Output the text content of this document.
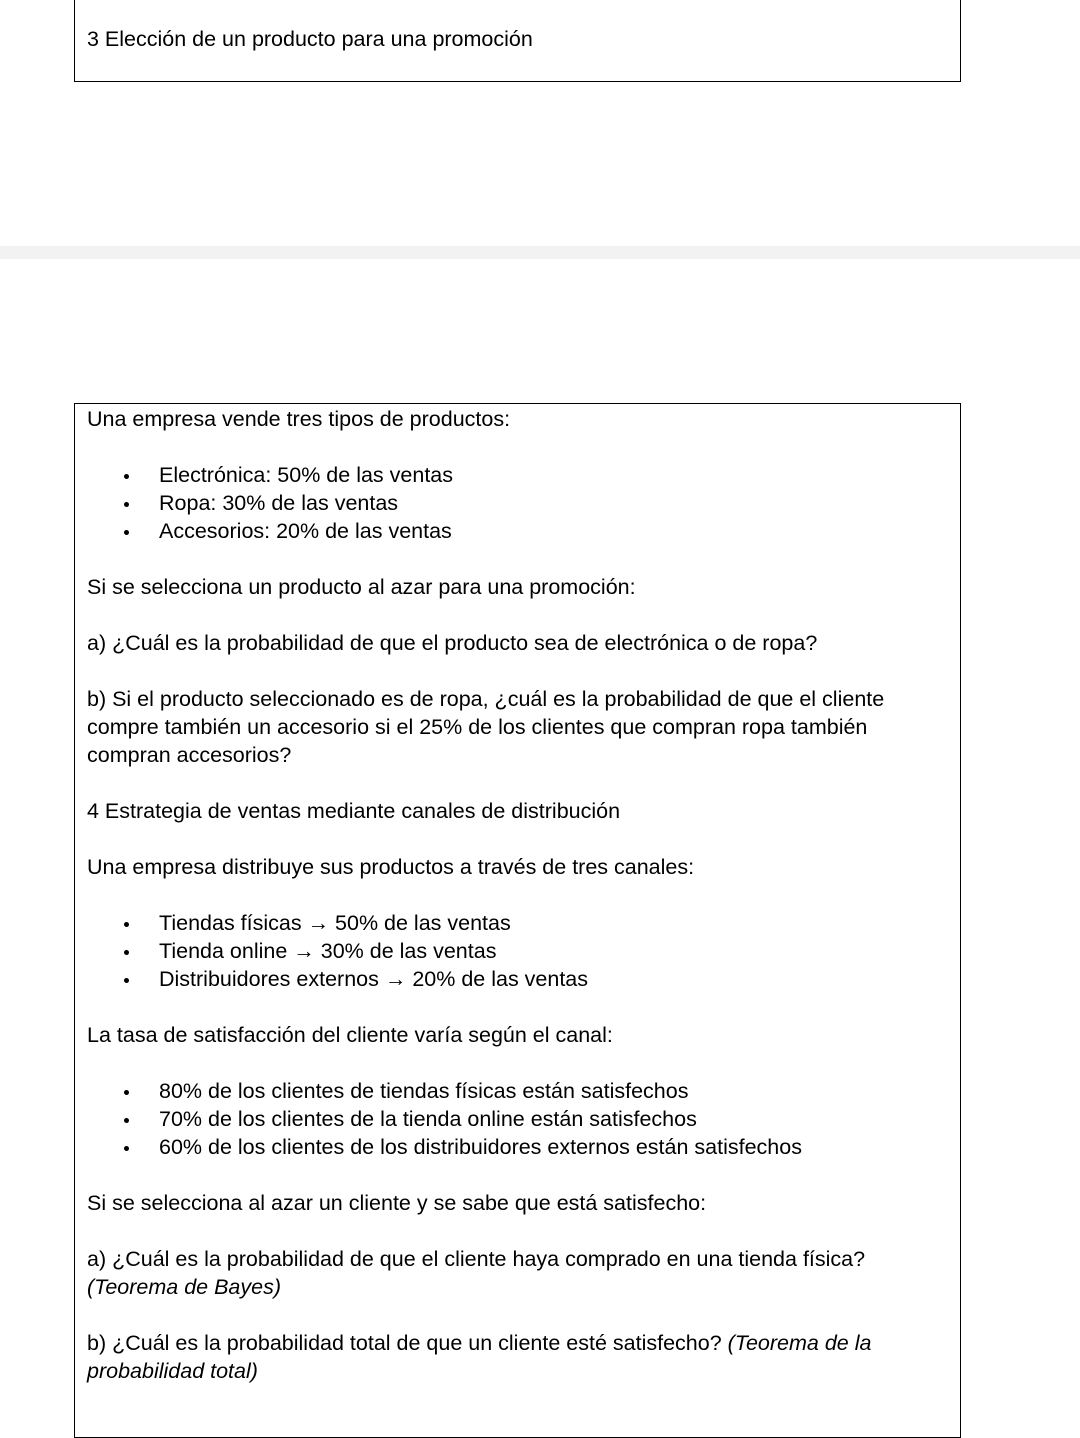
3 Elección de un producto para una promoción

Una empresa vende tres tipos de productos:

Electrónica: 50% de las ventas
Ropa: 30% de las ventas
Accesorios: 20% de las ventas

Si se selecciona un producto al azar para una promoción:

a) ¿Cuál es la probabilidad de que el producto sea de electrónica o de ropa?

b) Si el producto seleccionado es de ropa, ¿cuál es la probabilidad de que el cliente compre también un accesorio si el 25% de los clientes que compran ropa también compran accesorios?

4 Estrategia de ventas mediante canales de distribución

Una empresa distribuye sus productos a través de tres canales:

Tiendas físicas → 50% de las ventas
Tienda online → 30% de las ventas
Distribuidores externos → 20% de las ventas

La tasa de satisfacción del cliente varía según el canal:

80% de los clientes de tiendas físicas están satisfechos
70% de los clientes de la tienda online están satisfechos
60% de los clientes de los distribuidores externos están satisfechos

Si se selecciona al azar un cliente y se sabe que está satisfecho:

a) ¿Cuál es la probabilidad de que el cliente haya comprado en una tienda física? (Teorema de Bayes)

b) ¿Cuál es la probabilidad total de que un cliente esté satisfecho? (Teorema de la probabilidad total)
